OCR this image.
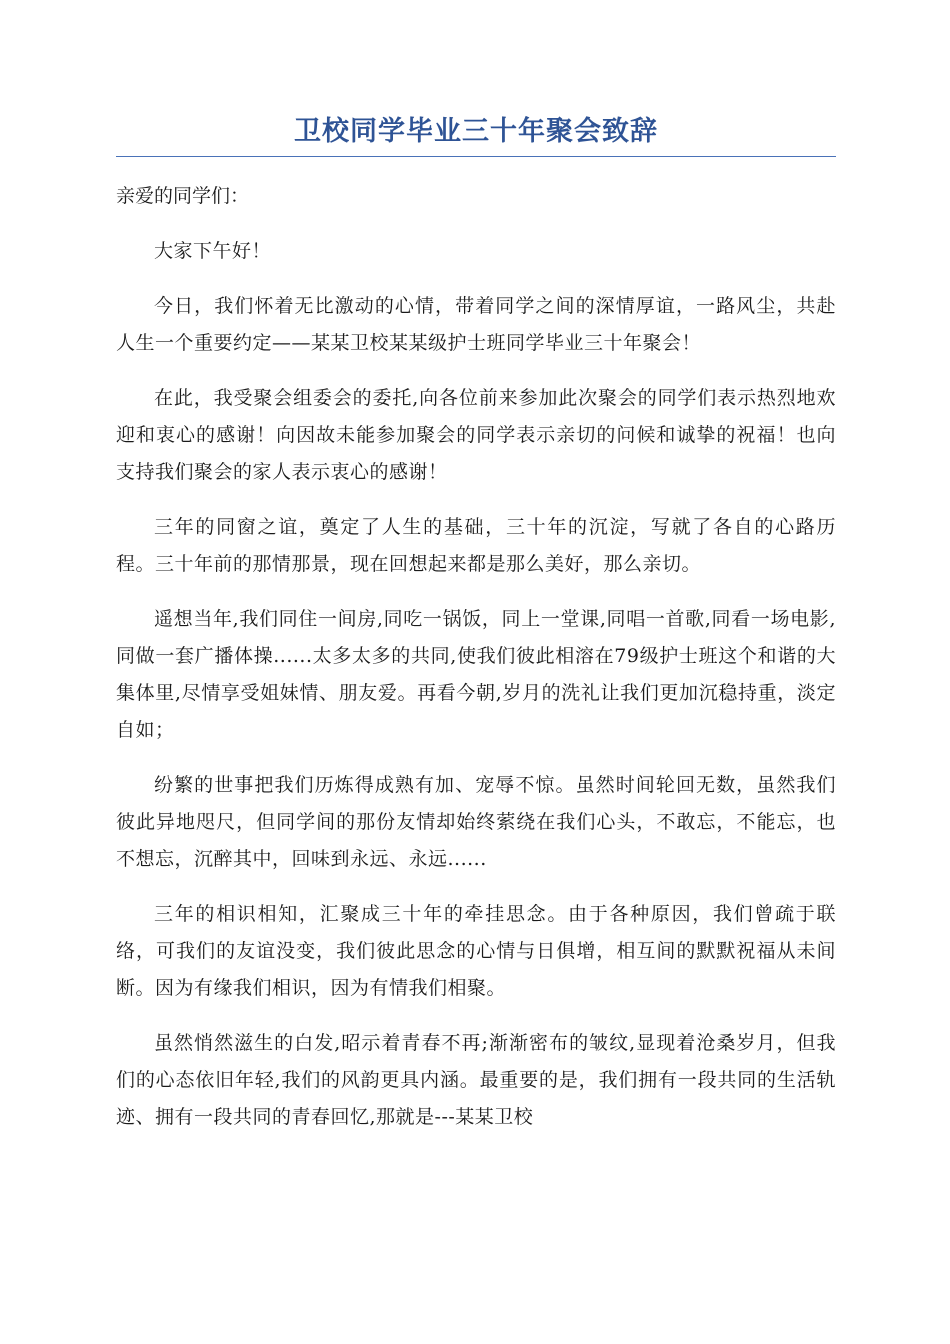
卫校同学毕业三十年聚会致辞

亲爱的同学们：

大家下午好！

今日，我们怀着无比激动的心情，带着同学之间的深情厚谊，一路风尘，共赴人生一个重要约定——某某卫校某某级护士班同学毕业三十年聚会！

在此，我受聚会组委会的委托,向各位前来参加此次聚会的同学们表示热烈地欢迎和衷心的感谢！向因故未能参加聚会的同学表示亲切的问候和诚挚的祝福！也向支持我们聚会的家人表示衷心的感谢！

三年的同窗之谊，奠定了人生的基础，三十年的沉淀，写就了各自的心路历程。三十年前的那情那景，现在回想起来都是那么美好，那么亲切。

遥想当年,我们同住一间房,同吃一锅饭，同上一堂课,同唱一首歌,同看一场电影,同做一套广播体操......太多太多的共同,使我们彼此相溶在79级护士班这个和谐的大集体里,尽情享受姐妹情、朋友爱。再看今朝,岁月的洗礼让我们更加沉稳持重，淡定自如；

纷繁的世事把我们历炼得成熟有加、宠辱不惊。虽然时间轮回无数，虽然我们彼此异地咫尺，但同学间的那份友情却始终萦绕在我们心头，不敢忘，不能忘，也不想忘，沉醉其中，回味到永远、永远......

三年的相识相知，汇聚成三十年的牵挂思念。由于各种原因，我们曾疏于联络，可我们的友谊没变，我们彼此思念的心情与日俱增，相互间的默默祝福从未间断。因为有缘我们相识，因为有情我们相聚。

虽然悄然滋生的白发,昭示着青春不再;渐渐密布的皱纹,显现着沧桑岁月，但我们的心态依旧年轻,我们的风韵更具内涵。最重要的是，我们拥有一段共同的生活轨迹、拥有一段共同的青春回忆,那就是---某某卫校
